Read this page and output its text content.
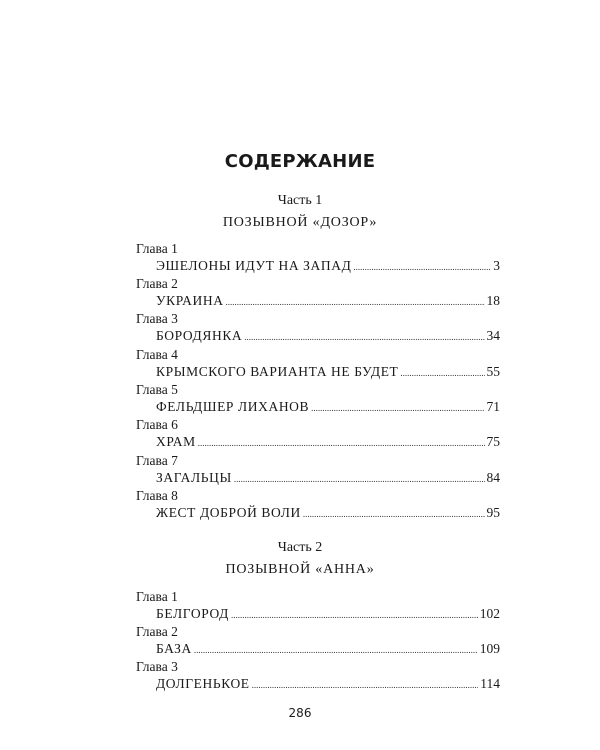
СОДЕРЖАНИЕ
Часть 1
ПОЗЫВНОЙ «ДОЗОР»
Глава 1
ЭШЕЛОНЫ ИДУТ НА ЗАПАД .....	3
Глава 2
УКРАИНА .....	18
Глава 3
БОРОДЯНКА .....	34
Глава 4
КРЫМСКОГО ВАРИАНТА НЕ БУДЕТ .....	55
Глава 5
ФЕЛЬДШЕР ЛИХАНОВ .....	71
Глава 6
ХРАМ .....	75
Глава 7
ЗАГАЛЬЦЫ .....	84
Глава 8
ЖЕСТ ДОБРОЙ ВОЛИ .....	95
Часть 2
ПОЗЫВНОЙ «АННА»
Глава 1
БЕЛГОРОД .....	102
Глава 2
БАЗА .....	109
Глава 3
ДОЛГЕНЬКОЕ .....	114
286
